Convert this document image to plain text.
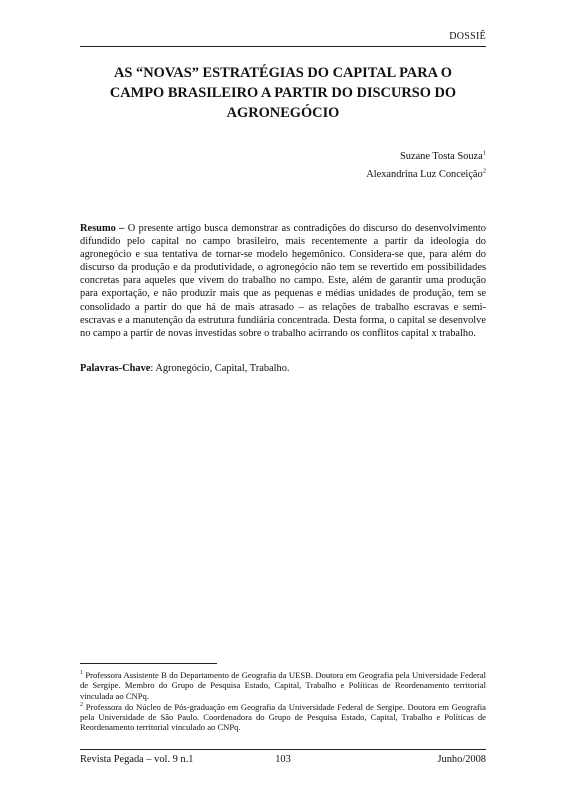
DOSSIÊ
AS “NOVAS” ESTRATÉGIAS DO CAPITAL PARA O
CAMPO BRASILEIRO A PARTIR DO DISCURSO DO
AGRONEGÓCIO
Suzane Tosta Souza$^1$
Alexandrina Luz Conceição$^2$

Resumo – O presente artigo busca demonstrar as contradições do discurso do desenvolvimento difundido pelo capital no campo brasileiro, mais recentemente a partir da ideologia do agronegócio e sua tentativa de tornar-se modelo hegemônico. Considera-se que, para além do discurso da produção e da produtividade, o agronegócio não tem se revertido em possibilidades concretas para aqueles que vivem do trabalho no campo. Este, além de garantir uma produção para exportação, e não produzir mais que as pequenas e médias unidades de produção, tem se consolidado a partir do que há de mais atrasado – as relações de trabalho escravas e semi-escravas e a manutenção da estrutura fundiária concentrada. Desta forma, o capital se desenvolve no campo a partir de novas investidas sobre o trabalho acirrando os conflitos capital x trabalho.

Palavras-Chave: Agronegócio, Capital, Trabalho.

$^1$ Professora Assistente B do Departamento de Geografia da UESB. Doutora em Geografia pela Universidade Federal de Sergipe. Membro do Grupo de Pesquisa Estado, Capital, Trabalho e Políticas de Reordenamento territorial vinculada ao CNPq.

$^2$ Professora do Núcleo de Pós-graduação em Geografia da Universidade Federal de Sergipe. Doutora em Geografia pela Universidade de São Paulo. Coordenadora do Grupo de Pesquisa Estado, Capital, Trabalho e Políticas de Reordenamento territorial vinculado ao CNPq.

Revista Pegada – vol. 9 n.1	103	Junho/2008
